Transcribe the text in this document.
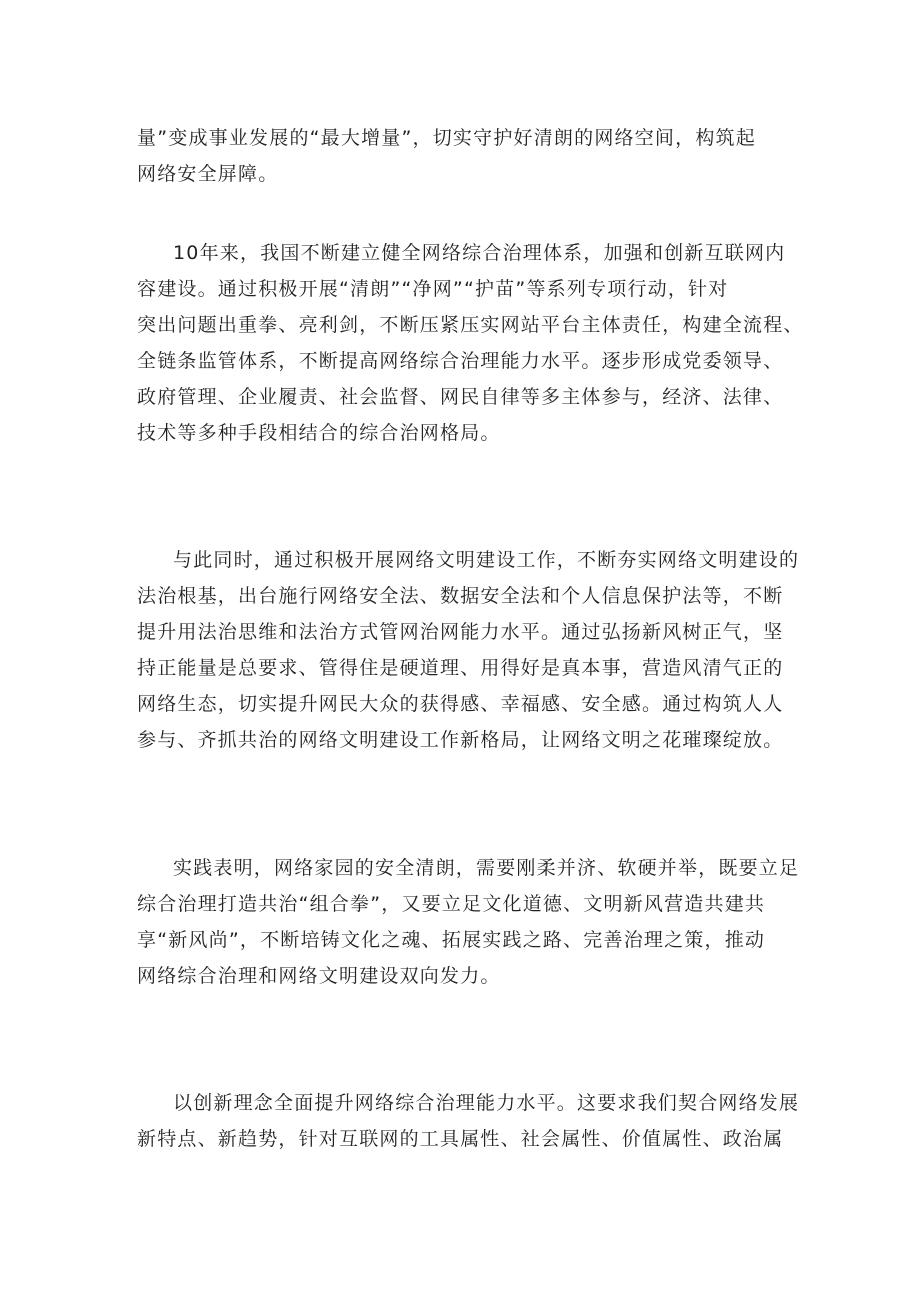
量”变成事业发展的“最大增量”，切实守护好清朗的网络空间，构筑起
网络安全屏障。
10年来，我国不断建立健全网络综合治理体系，加强和创新互联网内
容建设。通过积极开展“清朗”“净网”“护苗”等系列专项行动，针对
突出问题出重拳、亮利剑，不断压紧压实网站平台主体责任，构建全流程、
全链条监管体系，不断提高网络综合治理能力水平。逐步形成党委领导、
政府管理、企业履责、社会监督、网民自律等多主体参与，经济、法律、
技术等多种手段相结合的综合治网格局。
与此同时，通过积极开展网络文明建设工作，不断夯实网络文明建设的
法治根基，出台施行网络安全法、数据安全法和个人信息保护法等，不断
提升用法治思维和法治方式管网治网能力水平。通过弘扬新风树正气，坚
持正能量是总要求、管得住是硬道理、用得好是真本事，营造风清气正的
网络生态，切实提升网民大众的获得感、幸福感、安全感。通过构筑人人
参与、齐抓共治的网络文明建设工作新格局，让网络文明之花璀璨绽放。
实践表明，网络家园的安全清朗，需要刚柔并济、软硬并举，既要立足
综合治理打造共治“组合拳”，又要立足文化道德、文明新风营造共建共
享“新风尚”，不断培铸文化之魂、拓展实践之路、完善治理之策，推动
网络综合治理和网络文明建设双向发力。
以创新理念全面提升网络综合治理能力水平。这要求我们契合网络发展
新特点、新趋势，针对互联网的工具属性、社会属性、价值属性、政治属
